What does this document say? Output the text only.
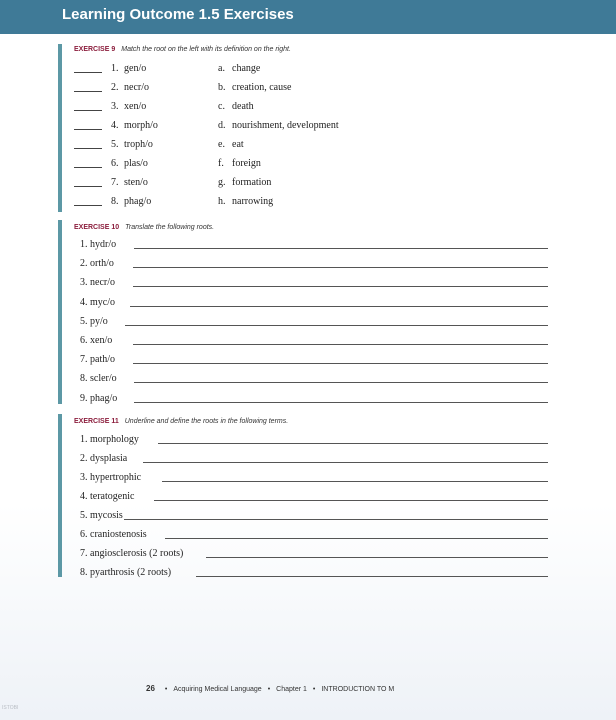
Learning Outcome 1.5 Exercises
EXERCISE 9 Match the root on the left with its definition on the right.
1. gen/o
2. necr/o
3. xen/o
4. morph/o
5. troph/o
6. plas/o
7. sten/o
8. phag/o
a. change
b. creation, cause
c. death
d. nourishment, development
e. eat
f. foreign
g. formation
h. narrowing
EXERCISE 10 Translate the following roots.
1. hydr/o
2. orth/o
3. necr/o
4. myc/o
5. py/o
6. xen/o
7. path/o
8. scler/o
9. phag/o
EXERCISE 11 Underline and define the roots in the following terms.
1. morphology
2. dysplasia
3. hypertrophic
4. teratogenic
5. mycosis
6. craniostenosis
7. angiosclerosis (2 roots)
8. pyarthrosis (2 roots)
26 • Acquiring Medical Language • Chapter 1 • INTRODUCTION TO M
ISTOBI
